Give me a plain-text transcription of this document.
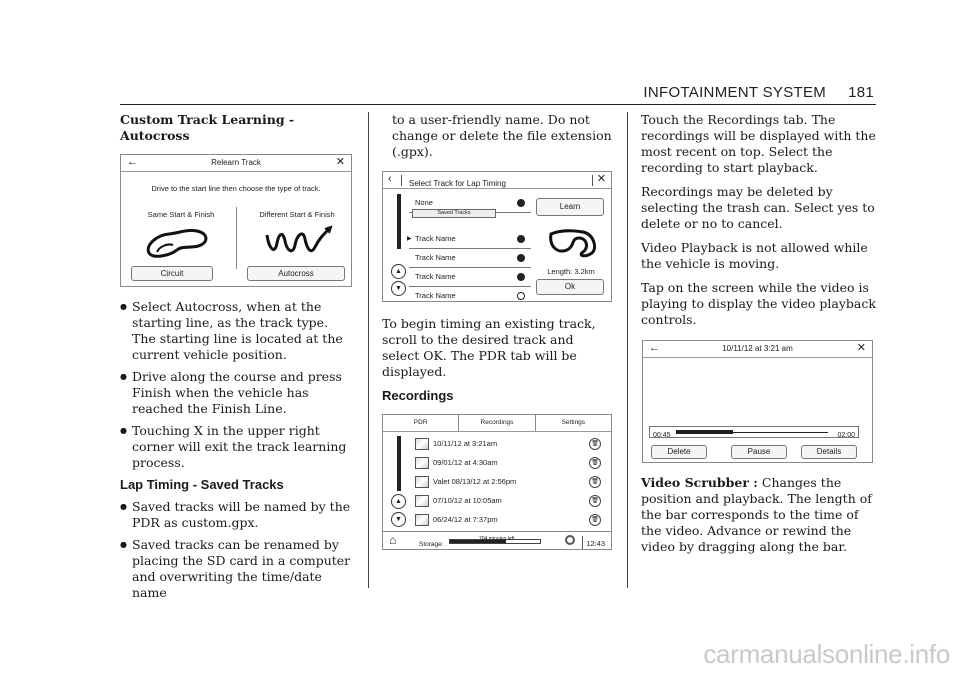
INFOTAINMENT SYSTEM 181
Custom Track Learning - Autocross
←	Relearn Track	✕
Drive to the start line then choose the type of track.
Same Start & Finish	Different Start & Finish
Circuit	Autocross
● Select Autocross, when at the starting line, as the track type. The starting line is located at the current vehicle position.
● Drive along the course and press Finish when the vehicle has reached the Finish Line.
● Touching X in the upper right corner will exit the track learning process.
Lap Timing - Saved Tracks
● Saved tracks will be named by the PDR as custom.gpx.
● Saved tracks can be renamed by placing the SD card in a computer and overwriting the time/date name

to a user-friendly name. Do not change or delete the file extension (.gpx).

‹ Select Track for Lap Timing	✕
None
▶ Track Name
Track Name
Track Name
Track Name
Saved Tracks
▲
▼
Learn
Length: 3.2km
Ok

To begin timing an existing track, scroll to the desired track and select OK. The PDR tab will be displayed.

Recordings
PDR	Recordings	Settings
10/11/12 at 3:21am	🗑
09/01/12 at 4:30am	🗑
Valet 08/13/12 at 2:56pm	🗑
07/10/12 at 10:05am	🗑
06/24/12 at 7:37pm	🗑
▲
▼
⌂	Storage:
704 minutes left	12:43

Touch the Recordings tab. The recordings will be displayed with the most recent on top. Select the recording to start playback.

Recordings may be deleted by selecting the trash can. Select yes to delete or no to cancel.

Video Playback is not allowed while the vehicle is moving.

Tap on the screen while the video is playing to display the video playback controls.

←	10/11/12 at 3:21 am	✕
00:45	02:00
Delete	Pause	Details

Video Scrubber : Changes the position and playback. The length of the bar corresponds to the time of the video. Advance or rewind the video by dragging along the bar.

carmanualsonline.info
